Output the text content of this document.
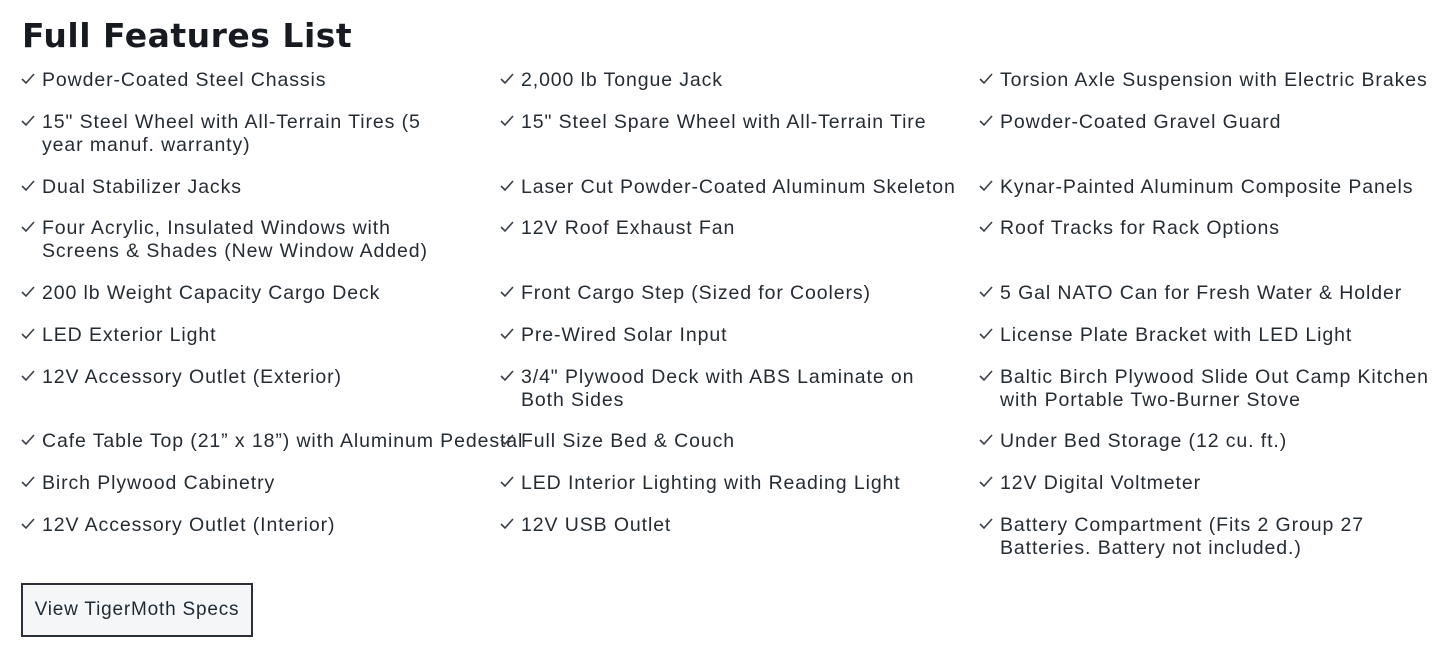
Full Features List
Powder-Coated Steel Chassis
15" Steel Wheel with All-Terrain Tires (5 year manuf. warranty)
Dual Stabilizer Jacks
Four Acrylic, Insulated Windows with Screens & Shades (New Window Added)
200 lb Weight Capacity Cargo Deck
LED Exterior Light
12V Accessory Outlet (Exterior)
Cafe Table Top (21” x 18”) with Aluminum Pedestal
Birch Plywood Cabinetry
12V Accessory Outlet (Interior)
2,000 lb Tongue Jack
15" Steel Spare Wheel with All-Terrain Tire
Laser Cut Powder-Coated Aluminum Skeleton
12V Roof Exhaust Fan
Front Cargo Step (Sized for Coolers)
Pre-Wired Solar Input
3/4" Plywood Deck with ABS Laminate on Both Sides
Full Size Bed & Couch
LED Interior Lighting with Reading Light
12V USB Outlet
Torsion Axle Suspension with Electric Brakes
Powder-Coated Gravel Guard
Kynar-Painted Aluminum Composite Panels
Roof Tracks for Rack Options
5 Gal NATO Can for Fresh Water & Holder
License Plate Bracket with LED Light
Baltic Birch Plywood Slide Out Camp Kitchen with Portable Two-Burner Stove
Under Bed Storage (12 cu. ft.)
12V Digital Voltmeter
Battery Compartment (Fits 2 Group 27 Batteries. Battery not included.)
View TigerMoth Specs
